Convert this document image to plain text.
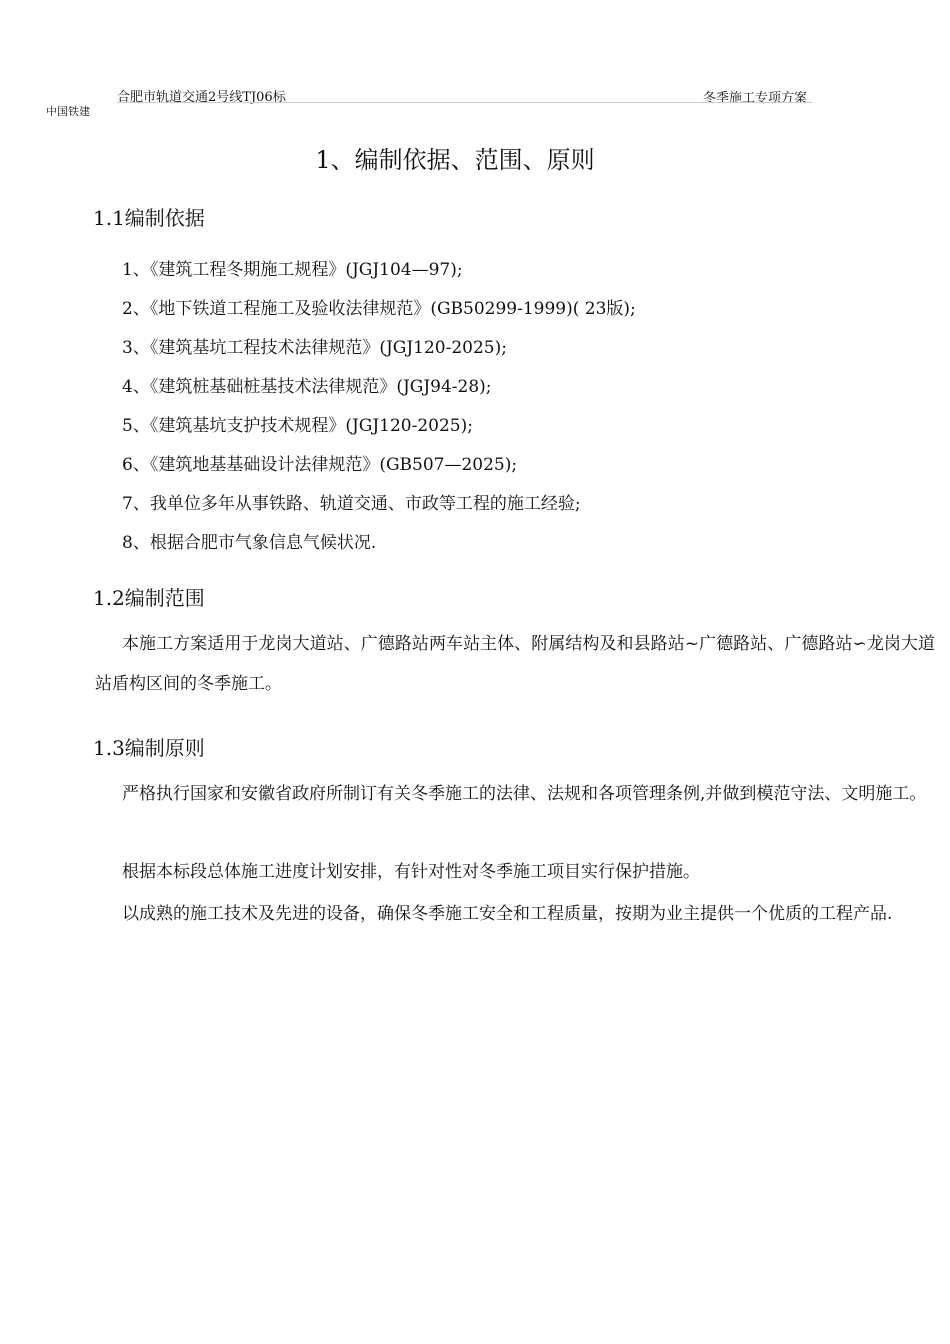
合肥市轨道交通2号线TJ06标	冬季施工专项方案
中国铁建
1、编制依据、范围、原则
1.1编制依据
1、《建筑工程冬期施工规程》(JGJ104—97);
2、《地下铁道工程施工及验收法律规范》(GB50299-1999)( 23版);
3、《建筑基坑工程技术法律规范》(JGJ120-2025);
4、《建筑桩基础桩基技术法律规范》(JGJ94-28);
5、《建筑基坑支护技术规程》(JGJ120-2025);
6、《建筑地基基础设计法律规范》(GB507—2025);
7、我单位多年从事铁路、轨道交通、市政等工程的施工经验;
8、根据合肥市气象信息气候状况.
1.2编制范围
本施工方案适用于龙岗大道站、广德路站两车站主体、附属结构及和县路站~广德路站、广德路站∽龙岗大道站盾构区间的冬季施工。
1.3编制原则
严格执行国家和安徽省政府所制订有关冬季施工的法律、法规和各项管理条例,并做到模范守法、文明施工。
根据本标段总体施工进度计划安排，有针对性对冬季施工项目实行保护措施。
以成熟的施工技术及先进的设备，确保冬季施工安全和工程质量，按期为业主提供一个优质的工程产品.
